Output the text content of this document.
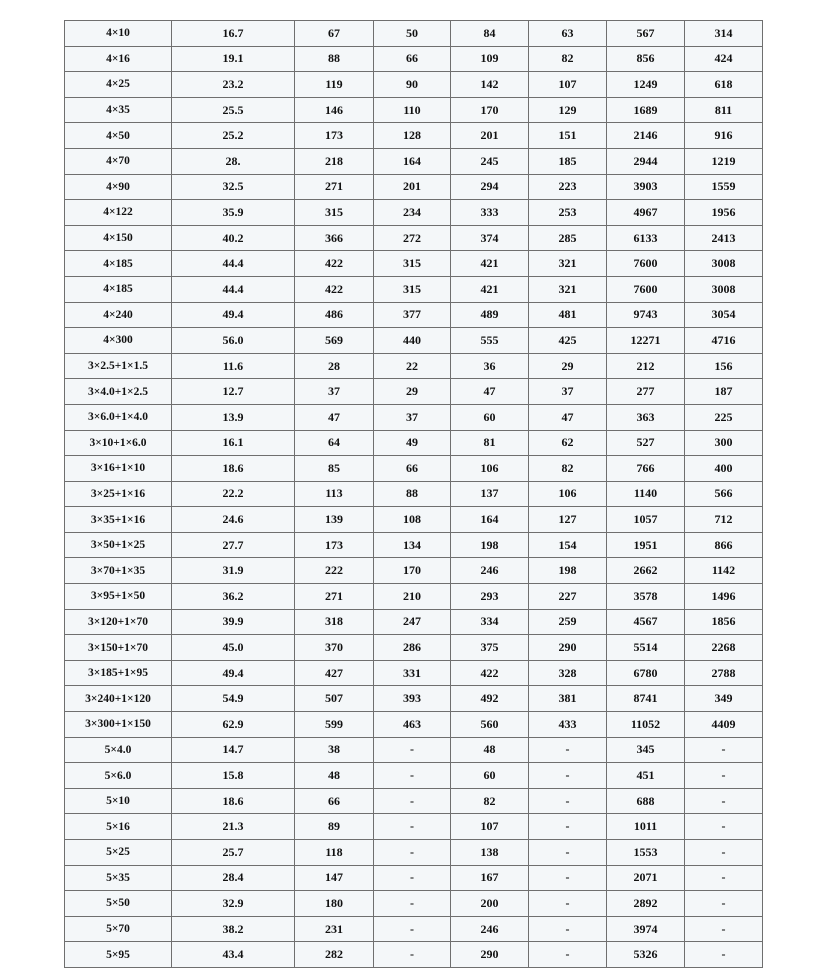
4×10	16.7	67	50	84	63	567	314
4×16	19.1	88	66	109	82	856	424
4×25	23.2	119	90	142	107	1249	618
4×35	25.5	146	110	170	129	1689	811
4×50	25.2	173	128	201	151	2146	916
4×70	28.	218	164	245	185	2944	1219
4×90	32.5	271	201	294	223	3903	1559
4×122	35.9	315	234	333	253	4967	1956
4×150	40.2	366	272	374	285	6133	2413
4×185	44.4	422	315	421	321	7600	3008
4×185	44.4	422	315	421	321	7600	3008
4×240	49.4	486	377	489	481	9743	3054
4×300	56.0	569	440	555	425	12271	4716
3×2.5+1×1.5	11.6	28	22	36	29	212	156
3×4.0+1×2.5	12.7	37	29	47	37	277	187
3×6.0+1×4.0	13.9	47	37	60	47	363	225
3×10+1×6.0	16.1	64	49	81	62	527	300
3×16+1×10	18.6	85	66	106	82	766	400
3×25+1×16	22.2	113	88	137	106	1140	566
3×35+1×16	24.6	139	108	164	127	1057	712
3×50+1×25	27.7	173	134	198	154	1951	866
3×70+1×35	31.9	222	170	246	198	2662	1142
3×95+1×50	36.2	271	210	293	227	3578	1496
3×120+1×70	39.9	318	247	334	259	4567	1856
3×150+1×70	45.0	370	286	375	290	5514	2268
3×185+1×95	49.4	427	331	422	328	6780	2788
3×240+1×120	54.9	507	393	492	381	8741	349
3×300+1×150	62.9	599	463	560	433	11052	4409
5×4.0	14.7	38	-	48	-	345	-
5×6.0	15.8	48	-	60	-	451	-
5×10	18.6	66	-	82	-	688	-
5×16	21.3	89	-	107	-	1011	-
5×25	25.7	118	-	138	-	1553	-
5×35	28.4	147	-	167	-	2071	-
5×50	32.9	180	-	200	-	2892	-
5×70	38.2	231	-	246	-	3974	-
5×95	43.4	282	-	290	-	5326	-
